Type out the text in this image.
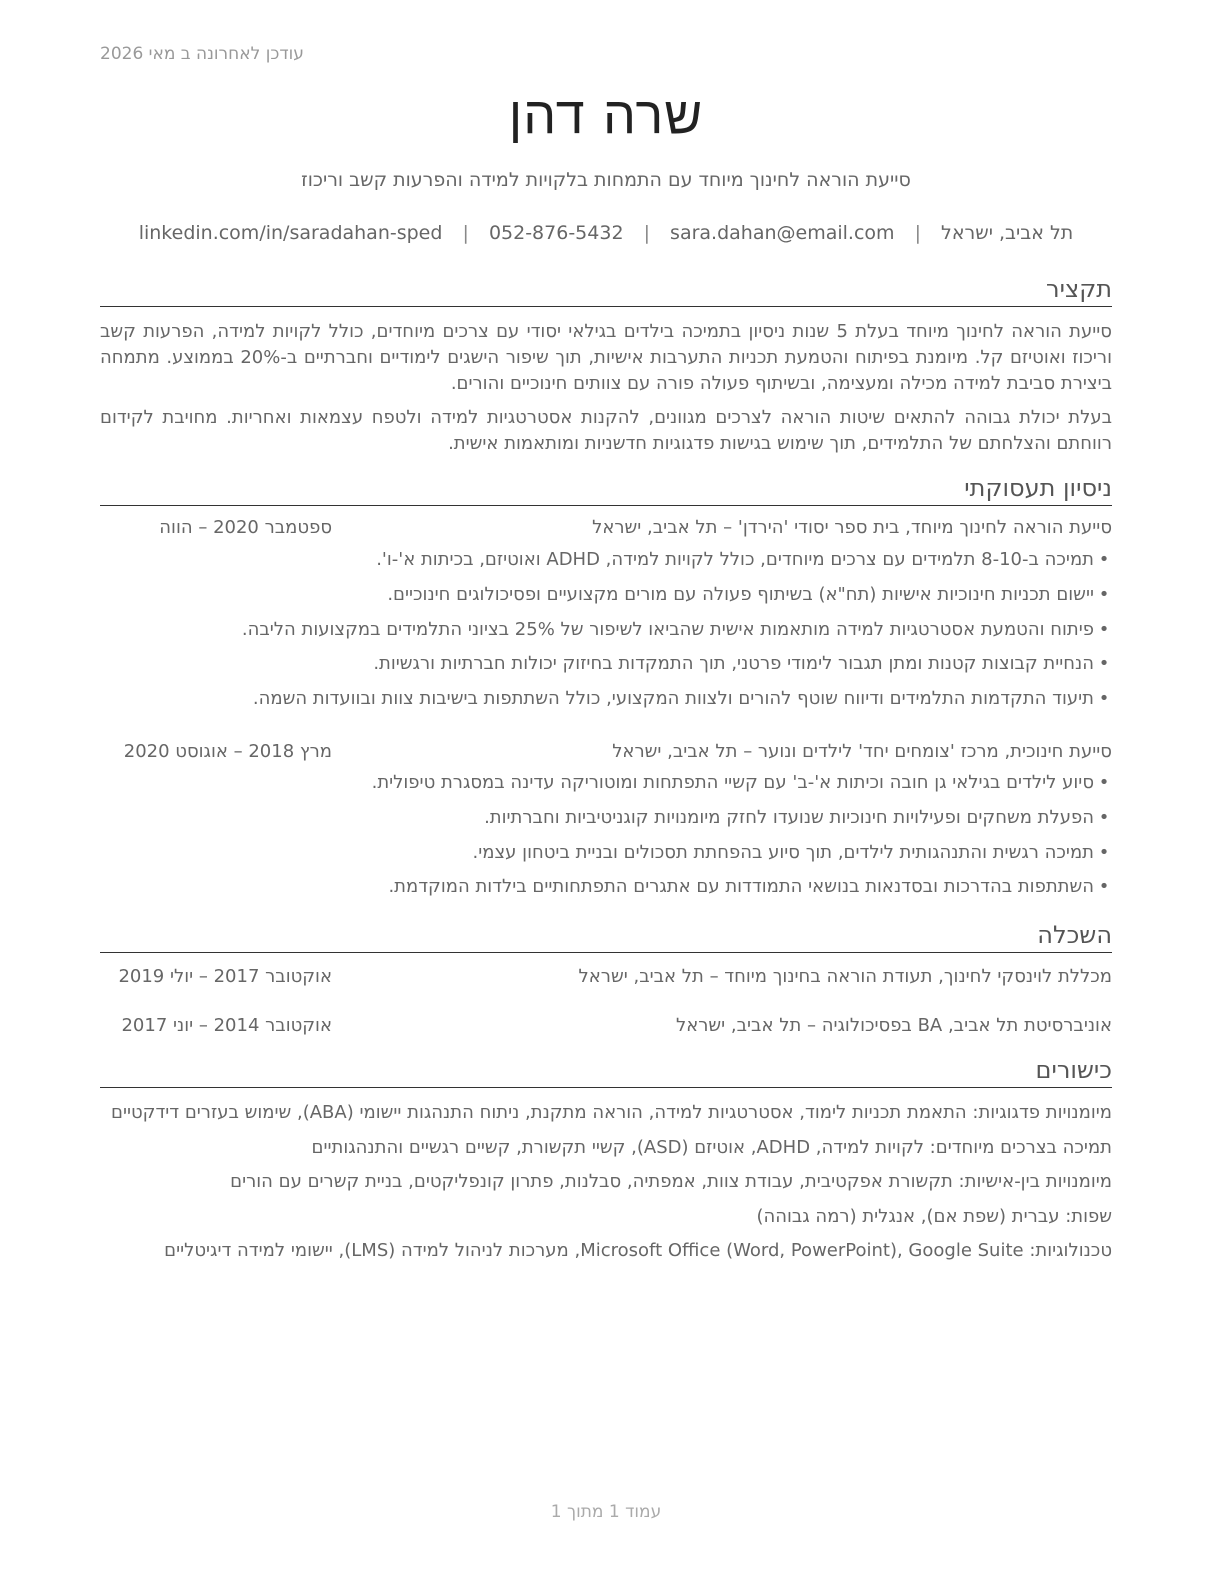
עודכן לאחרונה ב מאי 2026
שרה דהן
סייעת הוראה לחינוך מיוחד עם התמחות בלקויות למידה והפרעות קשב וריכוז
תל אביב, ישראל | sara.dahan@email.com | 052-876-5432 | linkedin.com/in/saradahan-sped
תקציר
סייעת הוראה לחינוך מיוחד בעלת 5 שנות ניסיון בתמיכה בילדים בגילאי יסודי עם צרכים מיוחדים, כולל לקויות למידה, הפרעות קשב וריכוז ואוטיזם קל. מיומנת בפיתוח והטמעת תכניות התערבות אישיות, תוך שיפור הישגים לימודיים וחברתיים ב-20% בממוצע. מתמחה ביצירת סביבת למידה מכילה ומעצימה, ובשיתוף פעולה פורה עם צוותים חינוכיים והורים.
בעלת יכולת גבוהה להתאים שיטות הוראה לצרכים מגוונים, להקנות אסטרטגיות למידה ולטפח עצמאות ואחריות. מחויבת לקידום רווחתם והצלחתם של התלמידים, תוך שימוש בגישות פדגוגיות חדשניות ומותאמות אישית.
ניסיון תעסוקתי
סייעת הוראה לחינוך מיוחד, בית ספר יסודי 'הירדן' – תל אביב, ישראל
ספטמבר 2020 – הווה
•תמיכה ב-8-10 תלמידים עם צרכים מיוחדים, כולל לקויות למידה, ADHD ואוטיזם, בכיתות א'-ו'.
•יישום תכניות חינוכיות אישיות (תח"א) בשיתוף פעולה עם מורים מקצועיים ופסיכולוגים חינוכיים.
•פיתוח והטמעת אסטרטגיות למידה מותאמות אישית שהביאו לשיפור של 25% בציוני התלמידים במקצועות הליבה.
•הנחיית קבוצות קטנות ומתן תגבור לימודי פרטני, תוך התמקדות בחיזוק יכולות חברתיות ורגשיות.
•תיעוד התקדמות התלמידים ודיווח שוטף להורים ולצוות המקצועי, כולל השתתפות בישיבות צוות ובוועדות השמה.
סייעת חינוכית, מרכז 'צומחים יחד' לילדים ונוער – תל אביב, ישראל
מרץ 2018 – אוגוסט 2020
•סיוע לילדים בגילאי גן חובה וכיתות א'-ב' עם קשיי התפתחות ומוטוריקה עדינה במסגרת טיפולית.
•הפעלת משחקים ופעילויות חינוכיות שנועדו לחזק מיומנויות קוגניטיביות וחברתיות.
•תמיכה רגשית והתנהגותית לילדים, תוך סיוע בהפחתת תסכולים ובניית ביטחון עצמי.
•השתתפות בהדרכות ובסדנאות בנושאי התמודדות עם אתגרים התפתחותיים בילדות המוקדמת.
השכלה
מכללת לוינסקי לחינוך, תעודת הוראה בחינוך מיוחד – תל אביב, ישראל
אוקטובר 2017 – יולי 2019
אוניברסיטת תל אביב, BA בפסיכולוגיה – תל אביב, ישראל
אוקטובר 2014 – יוני 2017
כישורים
מיומנויות פדגוגיות: התאמת תכניות לימוד, אסטרטגיות למידה, הוראה מתקנת, ניתוח התנהגות יישומי (ABA), שימוש בעזרים דידקטיים
תמיכה בצרכים מיוחדים: לקויות למידה, ADHD, אוטיזם (ASD), קשיי תקשורת, קשיים רגשיים והתנהגותיים
מיומנויות בין-אישיות: תקשורת אפקטיבית, עבודת צוות, אמפתיה, סבלנות, פתרון קונפליקטים, בניית קשרים עם הורים
שפות: עברית (שפת אם), אנגלית (רמה גבוהה)
טכנולוגיות: Microsoft Office (Word, PowerPoint), Google Suite, מערכות לניהול למידה (LMS), יישומי למידה דיגיטליים
עמוד 1 מתוך 1
